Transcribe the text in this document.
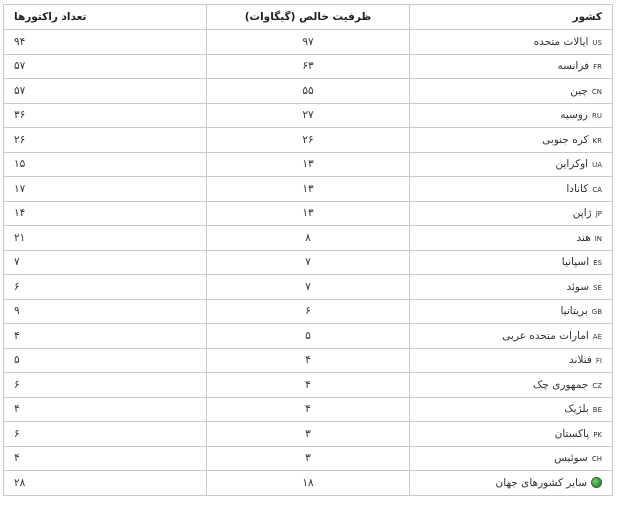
کشور	ظرفیت خالص (گیگاوات)	تعداد راکتورها
USایالات متحده	۹۷	۹۴
FRفرانسه	۶۳	۵۷
CNچین	۵۵	۵۷
RUروسیه	۲۷	۳۶
KRکره جنوبی	۲۶	۲۶
UAاوکراین	۱۳	۱۵
CAکانادا	۱۳	۱۷
JPژاپن	۱۳	۱۴
INهند	۸	۲۱
ESاسپانیا	۷	۷
SEسوئد	۷	۶
GBبریتانیا	۶	۹
AEامارات متحده عربی	۵	۴
FIفنلاند	۴	۵
CZجمهوری چک	۴	۶
BEبلژیک	۴	۴
PKپاکستان	۳	۶
CHسوئیس	۳	۴
سایر کشورهای جهان	۱۸	۲۸
